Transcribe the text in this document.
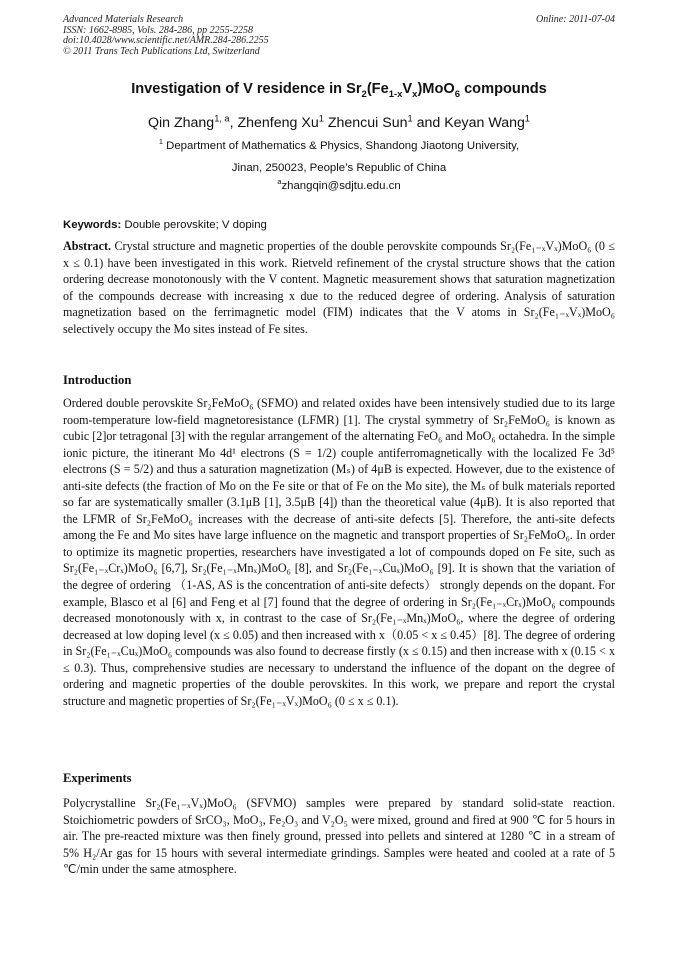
Advanced Materials Research
ISSN: 1662-8985, Vols. 284-286, pp 2255-2258
doi:10.4028/www.scientific.net/AMR.284-286.2255
© 2011 Trans Tech Publications Ltd, Switzerland
Online: 2011-07-04
Investigation of V residence in $Sr_2(Fe_{1-x}V_x)MoO_6$ compounds
Qin Zhang$^{1, a}$, Zhenfeng Xu$^1$ Zhencui Sun$^1$ and Keyan Wang$^1$
$^1$ Department of Mathematics & Physics, Shandong Jiaotong University,
Jinan, 250023, People’s Republic of China
$^a$zhangqin@sdjtu.edu.cn
Keywords: Double perovskite; V doping

Abstract. Crystal structure and magnetic properties of the double perovskite compounds Sr₂(Fe₁₋ₓVₓ)MoO₆ (0 ≤ x ≤ 0.1) have been investigated in this work. Rietveld refinement of the crystal structure shows that the cation ordering decrease monotonously with the V content. Magnetic measurement shows that saturation magnetization of the compounds decrease with increasing x due to the reduced degree of ordering. Analysis of saturation magnetization based on the ferrimagnetic model (FIM) indicates that the V atoms in Sr₂(Fe₁₋ₓVₓ)MoO₆ selectively occupy the Mo sites instead of Fe sites.

Introduction
Ordered double perovskite Sr₂FeMoO₆ (SFMO) and related oxides have been intensively studied due to its large room-temperature low-field magnetoresistance (LFMR) [1]. The crystal symmetry of Sr₂FeMoO₆ is known as cubic [2]or tetragonal [3] with the regular arrangement of the alternating FeO₆ and MoO₆ octahedra. In the simple ionic picture, the itinerant Mo 4d¹ electrons (S = 1/2) couple antiferromagnetically with the localized Fe 3d⁵ electrons (S = 5/2) and thus a saturation magnetization (Mₛ) of 4μB is expected. However, due to the existence of anti-site defects (the fraction of Mo on the Fe site or that of Fe on the Mo site), the Mₛ of bulk materials reported so far are systematically smaller (3.1μB [1], 3.5μB [4]) than the theoretical value (4μB). It is also reported that the LFMR of Sr₂FeMoO₆ increases with the decrease of anti-site defects [5]. Therefore, the anti-site defects among the Fe and Mo sites have large influence on the magnetic and transport properties of Sr₂FeMoO₆. In order to optimize its magnetic properties, researchers have investigated a lot of compounds doped on Fe site, such as Sr₂(Fe₁₋ₓCrₓ)MoO₆ [6,7], Sr₂(Fe₁₋ₓMnₓ)MoO₆ [8], and Sr₂(Fe₁₋ₓCuₓ)MoO₆ [9]. It is shown that the variation of the degree of ordering （1-AS, AS is the concentration of anti-site defects） strongly depends on the dopant. For example, Blasco et al [6] and Feng et al [7] found that the degree of ordering in Sr₂(Fe₁₋ₓCrₓ)MoO₆ compounds decreased monotonously with x, in contrast to the case of Sr₂(Fe₁₋ₓMnₓ)MoO₆, where the degree of ordering decreased at low doping level (x ≤ 0.05) and then increased with x（0.05 < x ≤ 0.45）[8]. The degree of ordering in Sr₂(Fe₁₋ₓCuₓ)MoO₆ compounds was also found to decrease firstly (x ≤ 0.15) and then increase with x (0.15 < x ≤ 0.3). Thus, comprehensive studies are necessary to understand the influence of the dopant on the degree of ordering and magnetic properties of the double perovskites. In this work, we prepare and report the crystal structure and magnetic properties of Sr₂(Fe₁₋ₓVₓ)MoO₆ (0 ≤ x ≤ 0.1).
Experiments
Polycrystalline Sr₂(Fe₁₋ₓVₓ)MoO₆ (SFVMO) samples were prepared by standard solid-state reaction. Stoichiometric powders of SrCO₃, MoO₃, Fe₂O₃ and V₂O₅ were mixed, ground and fired at 900 ℃ for 5 hours in air. The pre-reacted mixture was then finely ground, pressed into pellets and sintered at 1280 ℃ in a stream of 5% H₂/Ar gas for 15 hours with several intermediate grindings. Samples were heated and cooled at a rate of 5 ℃/min under the same atmosphere.
